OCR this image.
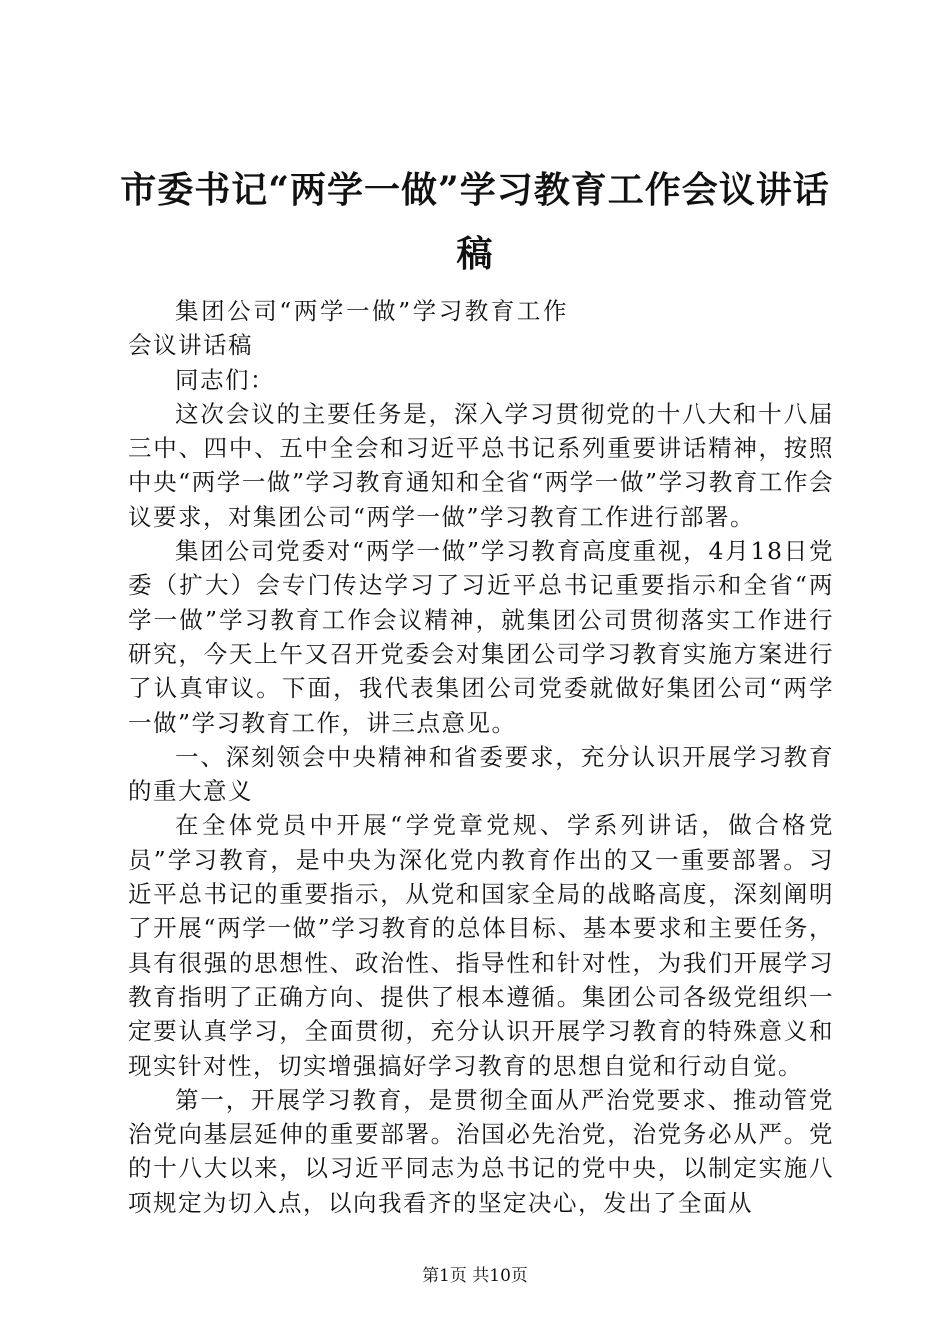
市委书记“两学一做”学习教育工作会议讲话稿

集团公司“两学一做”学习教育工作会议讲话稿

同志们：

这次会议的主要任务是，深入学习贯彻党的十八大和十八届三中、四中、五中全会和习近平总书记系列重要讲话精神，按照中央“两学一做”学习教育通知和全省“两学一做”学习教育工作会议要求，对集团公司“两学一做”学习教育工作进行部署。

集团公司党委对“两学一做”学习教育高度重视，4月18日党委（扩大）会专门传达学习了习近平总书记重要指示和全省“两学一做”学习教育工作会议精神，就集团公司贯彻落实工作进行研究，今天上午又召开党委会对集团公司学习教育实施方案进行了认真审议。下面，我代表集团公司党委就做好集团公司“两学一做”学习教育工作，讲三点意见。

一、深刻领会中央精神和省委要求，充分认识开展学习教育的重大意义

在全体党员中开展“学党章党规、学系列讲话，做合格党员”学习教育，是中央为深化党内教育作出的又一重要部署。习近平总书记的重要指示，从党和国家全局的战略高度，深刻阐明了开展“两学一做”学习教育的总体目标、基本要求和主要任务，具有很强的思想性、政治性、指导性和针对性，为我们开展学习教育指明了正确方向、提供了根本遵循。集团公司各级党组织一定要认真学习，全面贯彻，充分认识开展学习教育的特殊意义和现实针对性，切实增强搞好学习教育的思想自觉和行动自觉。

第一，开展学习教育，是贯彻全面从严治党要求、推动管党治党向基层延伸的重要部署。治国必先治党，治党务必从严。党的十八大以来，以习近平同志为总书记的党中央，以制定实施八项规定为切入点，以向我看齐的坚定决心，发出了全面从

第1页 共10页
